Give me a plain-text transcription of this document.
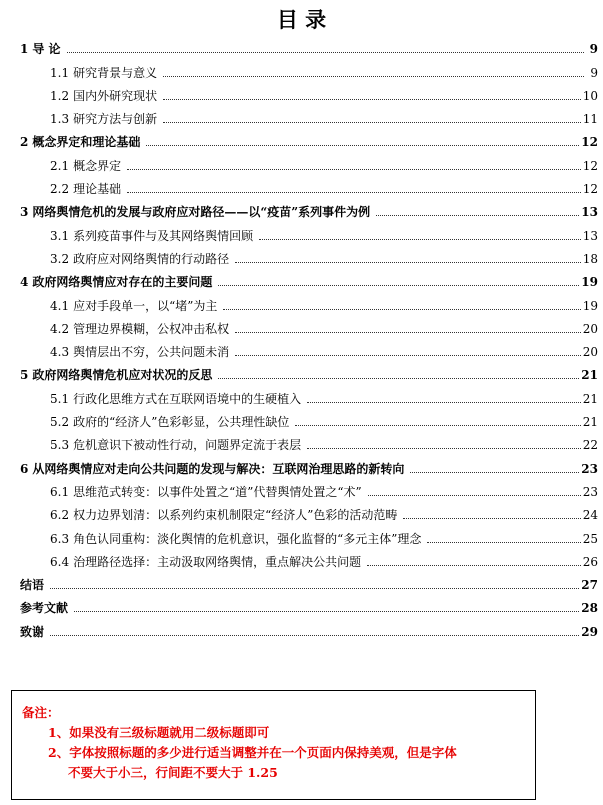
目 录
1 导 论	9
1.1 研究背景与意义	9
1.2 国内外研究现状	10
1.3 研究方法与创新	11
2 概念界定和理论基础	12
2.1 概念界定	12
2.2 理论基础	12
3 网络舆情危机的发展与政府应对路径——以“疫苗”系列事件为例	13
3.1 系列疫苗事件与及其网络舆情回顾	13
3.2 政府应对网络舆情的行动路径	18
4 政府网络舆情应对存在的主要问题	19
4.1 应对手段单一，以“堵”为主	19
4.2 管理边界模糊，公权冲击私权	20
4.3 舆情层出不穷，公共问题未消	20
5 政府网络舆情危机应对状况的反思	21
5.1 行政化思维方式在互联网语境中的生硬植入	21
5.2 政府的“经济人”色彩彰显，公共理性缺位	21
5.3 危机意识下被动性行动，问题界定流于表层	22
6 从网络舆情应对走向公共问题的发现与解决：互联网治理思路的新转向	23
6.1 思维范式转变：以事件处置之“道”代替舆情处置之“术”	23
6.2 权力边界划清：以系列约束机制限定“经济人”色彩的活动范畴	24
6.3 角色认同重构：淡化舆情的危机意识，强化监督的“多元主体”理念	25
6.4 治理路径选择：主动汲取网络舆情，重点解决公共问题	26
结语	27
参考文献	28
致谢	29
备注：
1、如果没有三级标题就用二级标题即可
2、字体按照标题的多少进行适当调整并在一个页面内保持美观，但是字体
不要大于小三，行间距不要大于 1.25
